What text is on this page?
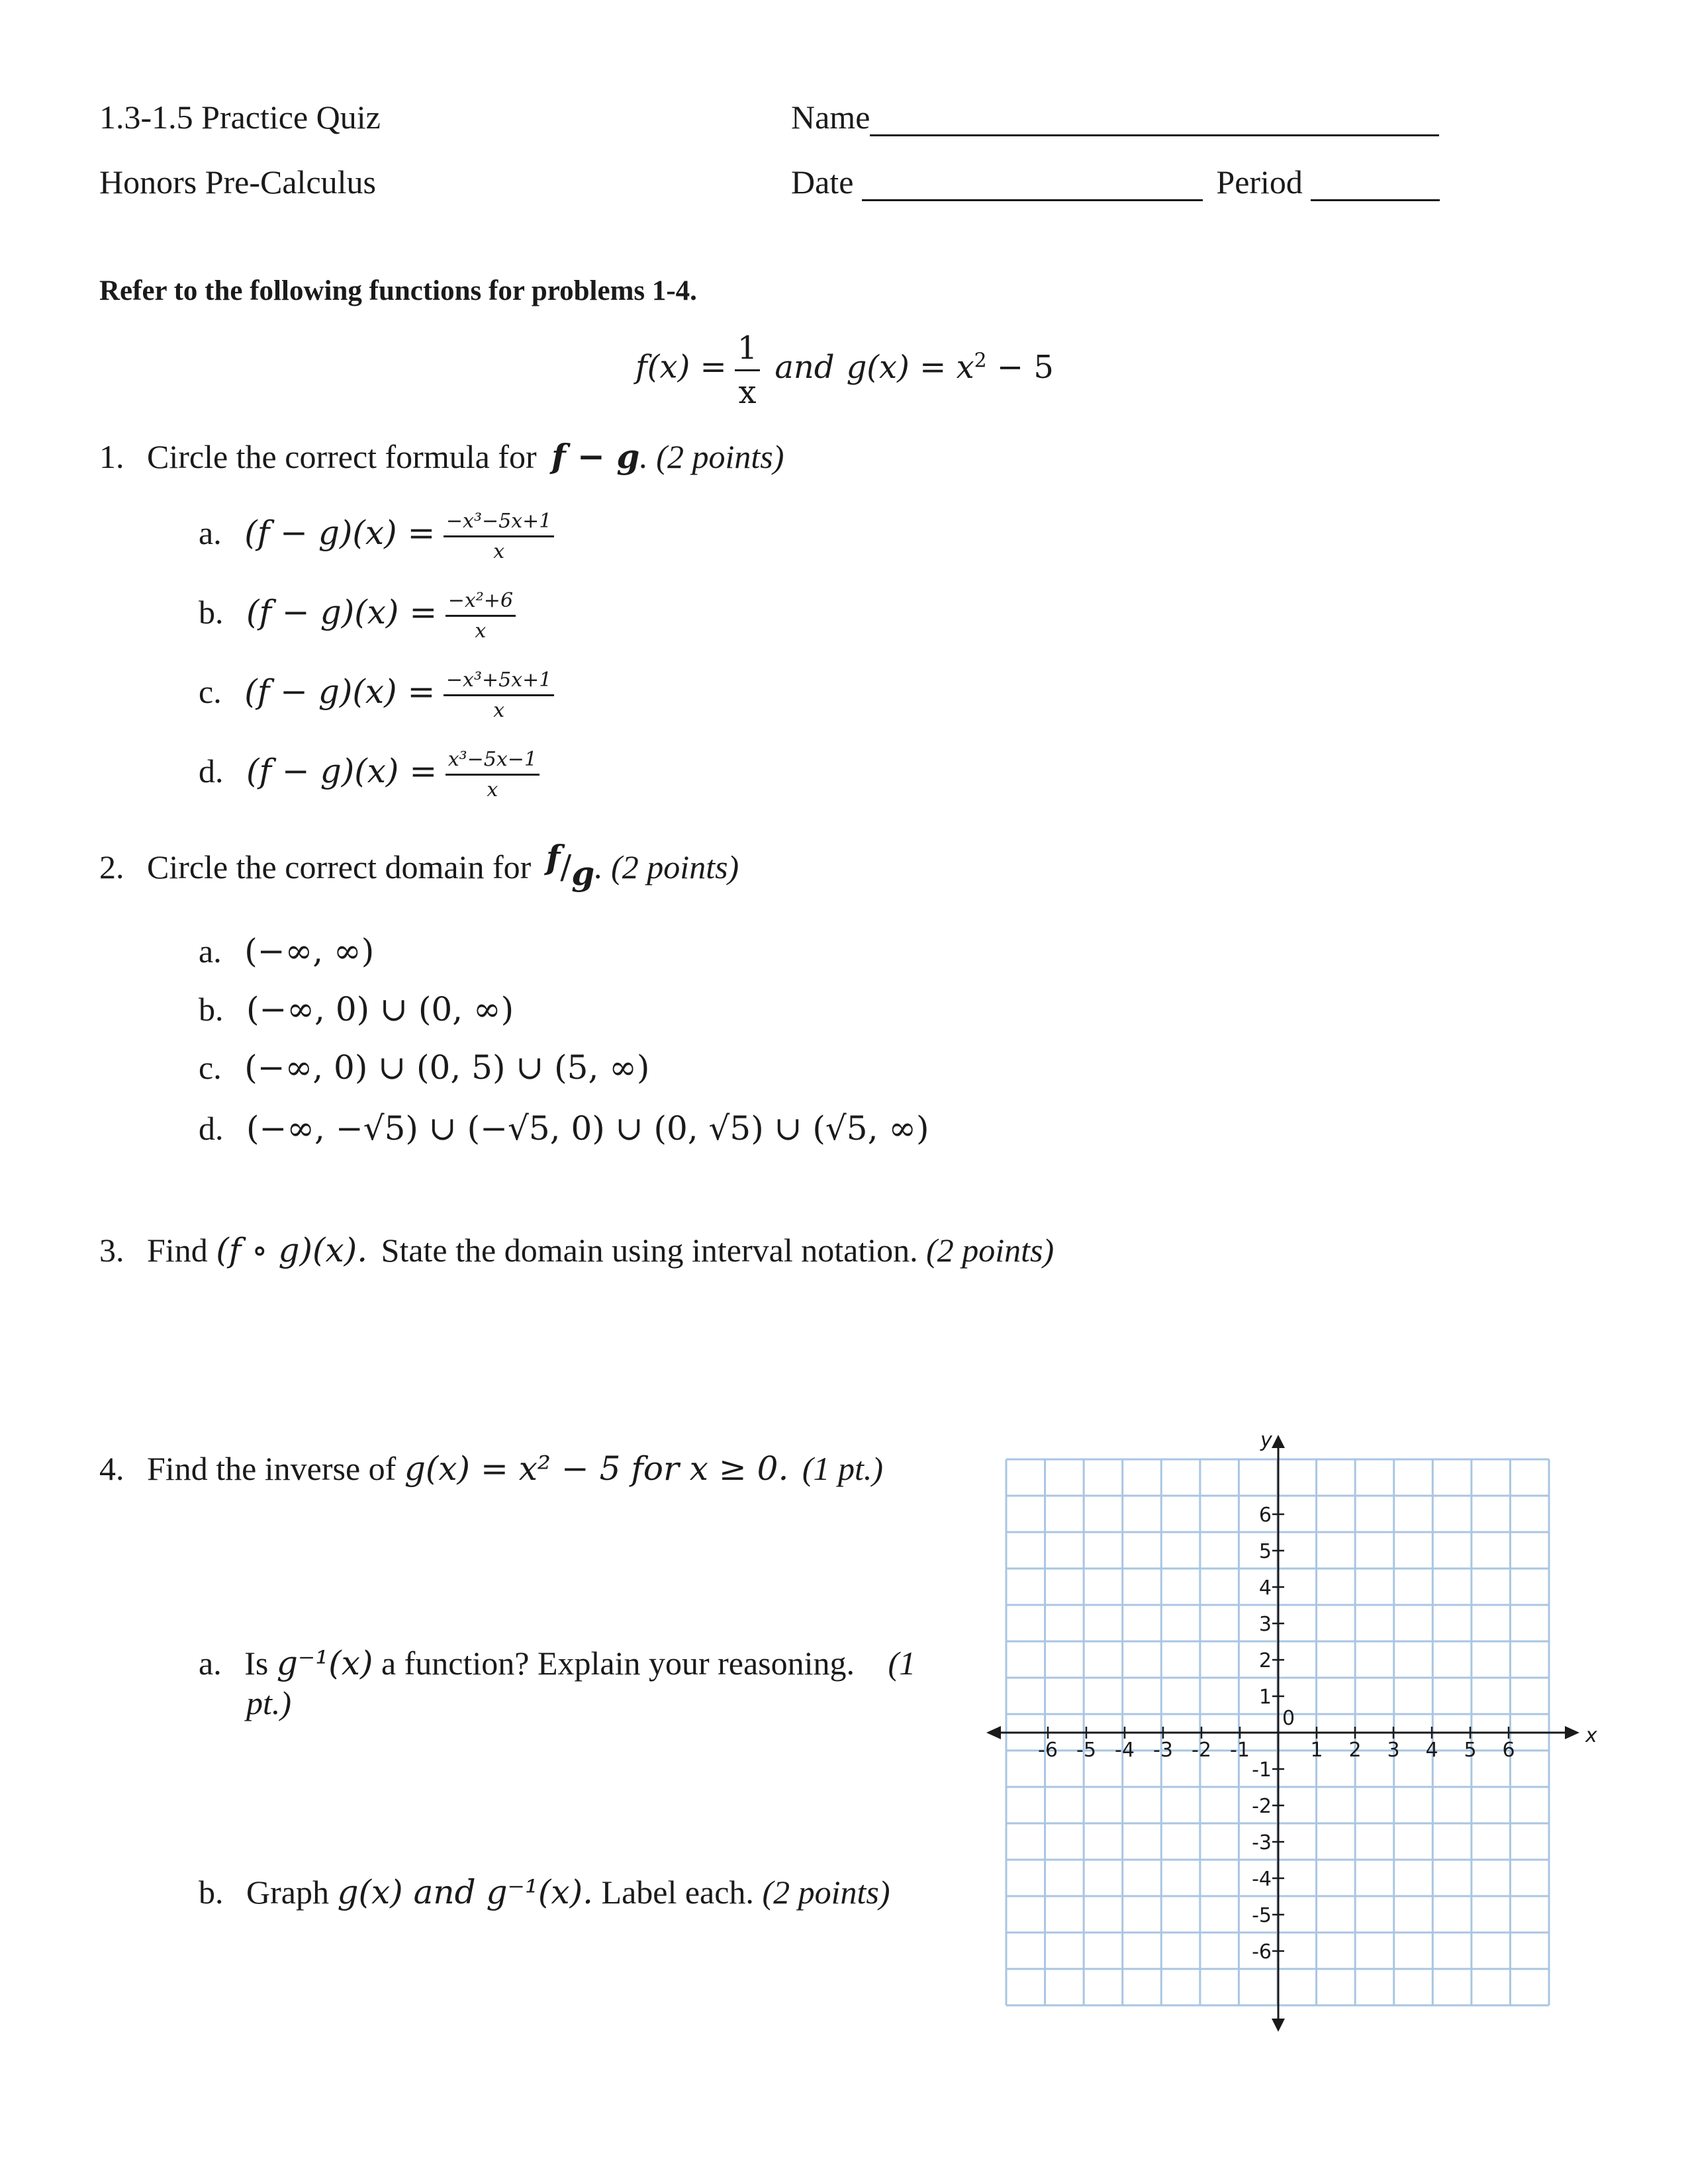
1.3-1.5 Practice Quiz
Honors Pre-Calculus
Name
Date	Period
Refer to the following functions for problems 1-4.
$f(x) = \frac{1}{x}$ and $g(x) = x^2 - 5$
1. Circle the correct formula for f − g. (2 points)
a. $(f - g)(x) = \frac{\text{−x³−5x+1}}{x}$
b. $(f - g)(x) = \frac{\text{−x²+6}}{x}$
c. $(f - g)(x) = \frac{\text{−x³+5x+1}}{x}$
d. $(f - g)(x) = \frac{\text{x³−5x−1}}{x}$
2. Circle the correct domain for f/g. (2 points)
a. (−∞, ∞)
b. (−∞, 0) ∪ (0, ∞)
c. (−∞, 0) ∪ (0, 5) ∪ (5, ∞)
d. (−∞, −√5) ∪ (−√5, 0) ∪ (0, √5) ∪ (√5, ∞)
3. Find (f ∘ g)(x). State the domain using interval notation. (2 points)
4. Find the inverse of g(x) = x² − 5 for x ≥ 0. (1 pt.)
a. Is g⁻¹(x) a function? Explain your reasoning. (1
pt.)
b. Graph g(x) and g⁻¹(x). Label each. (2 points)
-6 -5 -4 -3 -2 -1	1 2 3 4 5 6
6
5
4
3
2
1
-1
-2
-3
-4
-5
-6
x
y
0
